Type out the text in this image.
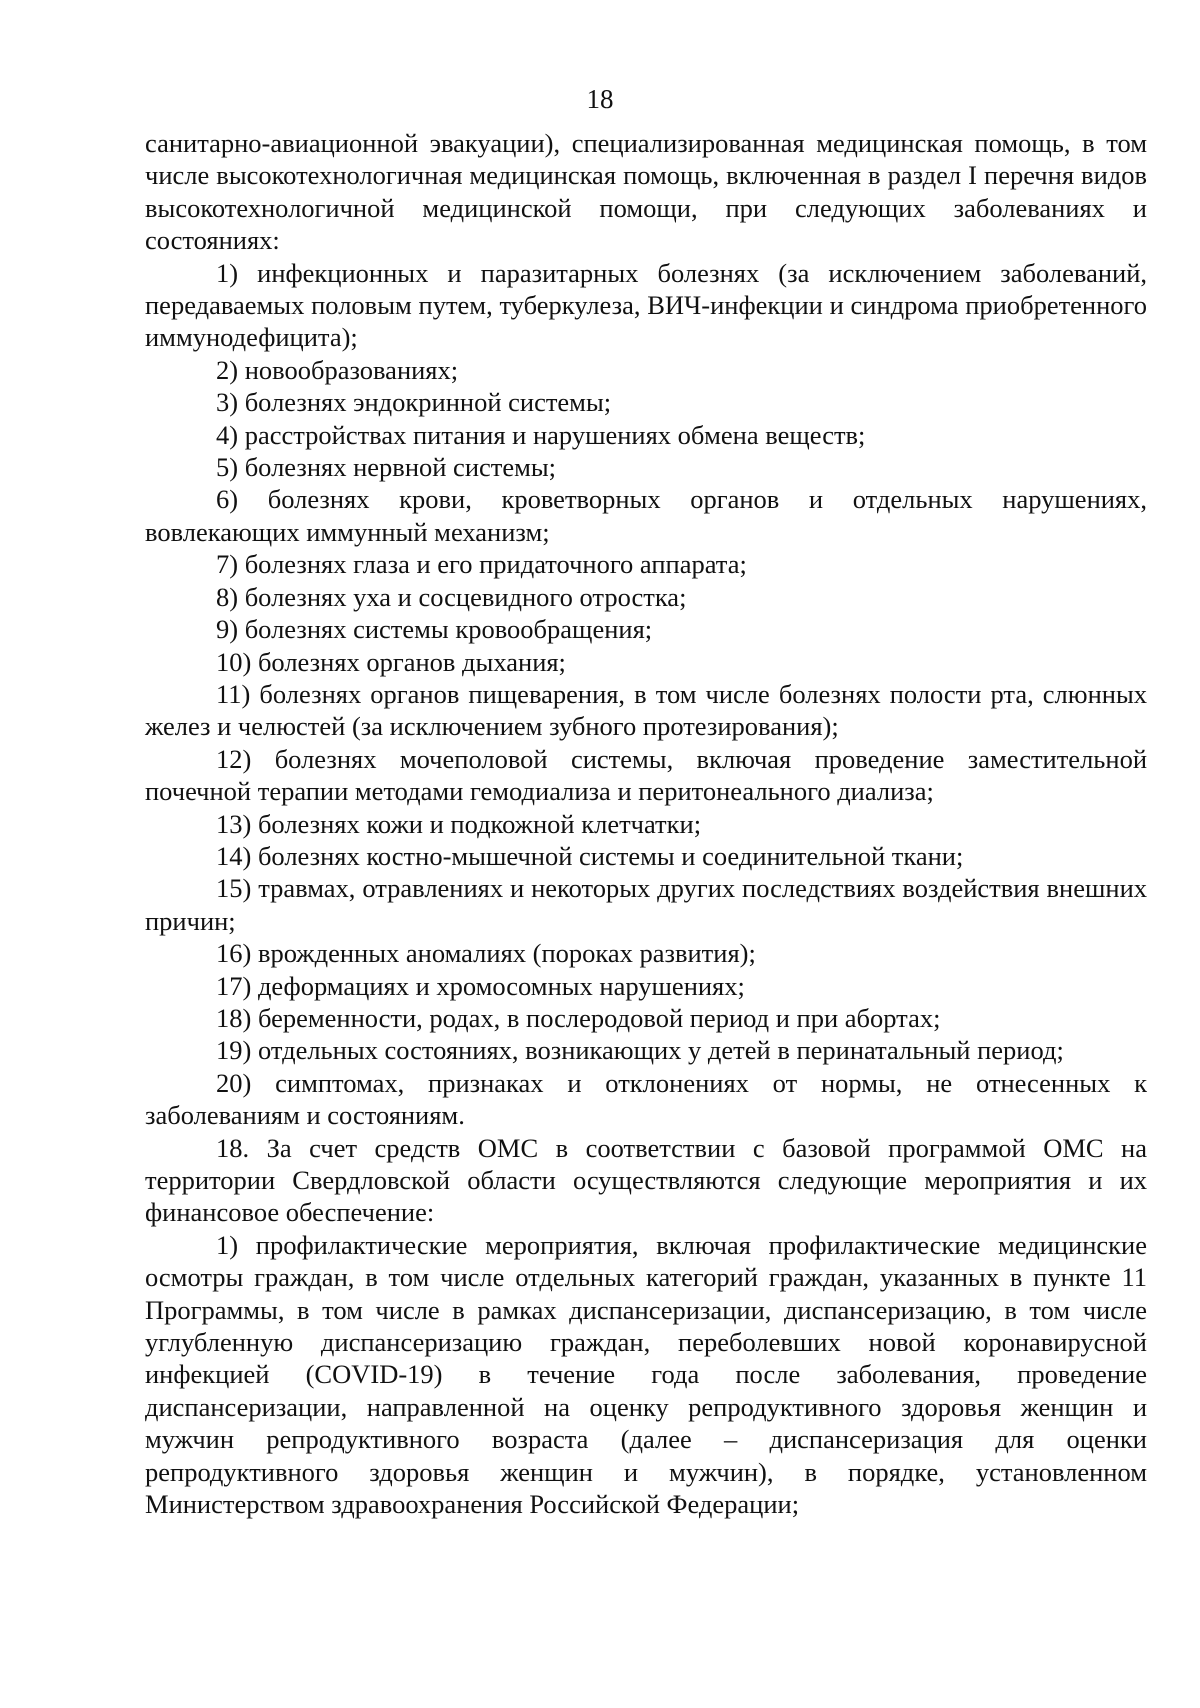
18

санитарно-авиационной эвакуации), специализированная медицинская помощь, в том числе высокотехнологичная медицинская помощь, включенная в раздел I перечня видов высокотехнологичной медицинской помощи, при следующих заболеваниях и состояниях:

1) инфекционных и паразитарных болезнях (за исключением заболеваний, передаваемых половым путем, туберкулеза, ВИЧ-инфекции и синдрома приобретенного иммунодефицита);

2) новообразованиях;

3) болезнях эндокринной системы;

4) расстройствах питания и нарушениях обмена веществ;

5) болезнях нервной системы;

6) болезнях крови, кроветворных органов и отдельных нарушениях, вовлекающих иммунный механизм;

7) болезнях глаза и его придаточного аппарата;

8) болезнях уха и сосцевидного отростка;

9) болезнях системы кровообращения;

10) болезнях органов дыхания;

11) болезнях органов пищеварения, в том числе болезнях полости рта, слюнных желез и челюстей (за исключением зубного протезирования);

12) болезнях мочеполовой системы, включая проведение заместительной почечной терапии методами гемодиализа и перитонеального диализа;

13) болезнях кожи и подкожной клетчатки;

14) болезнях костно-мышечной системы и соединительной ткани;

15) травмах, отравлениях и некоторых других последствиях воздействия внешних причин;

16) врожденных аномалиях (пороках развития);

17) деформациях и хромосомных нарушениях;

18) беременности, родах, в послеродовой период и при абортах;

19) отдельных состояниях, возникающих у детей в перинатальный период;

20) симптомах, признаках и отклонениях от нормы, не отнесенных к заболеваниям и состояниям.

18. За счет средств ОМС в соответствии с базовой программой ОМС на территории Свердловской области осуществляются следующие мероприятия и их финансовое обеспечение:

1) профилактические мероприятия, включая профилактические медицинские осмотры граждан, в том числе отдельных категорий граждан, указанных в пункте 11 Программы, в том числе в рамках диспансеризации, диспансеризацию, в том числе углубленную диспансеризацию граждан, переболевших новой коронавирусной инфекцией (COVID-19) в течение года после заболевания, проведение диспансеризации, направленной на оценку репродуктивного здоровья женщин и мужчин репродуктивного возраста (далее – диспансеризация для оценки репродуктивного здоровья женщин и мужчин), в порядке, установленном Министерством здравоохранения Российской Федерации;
